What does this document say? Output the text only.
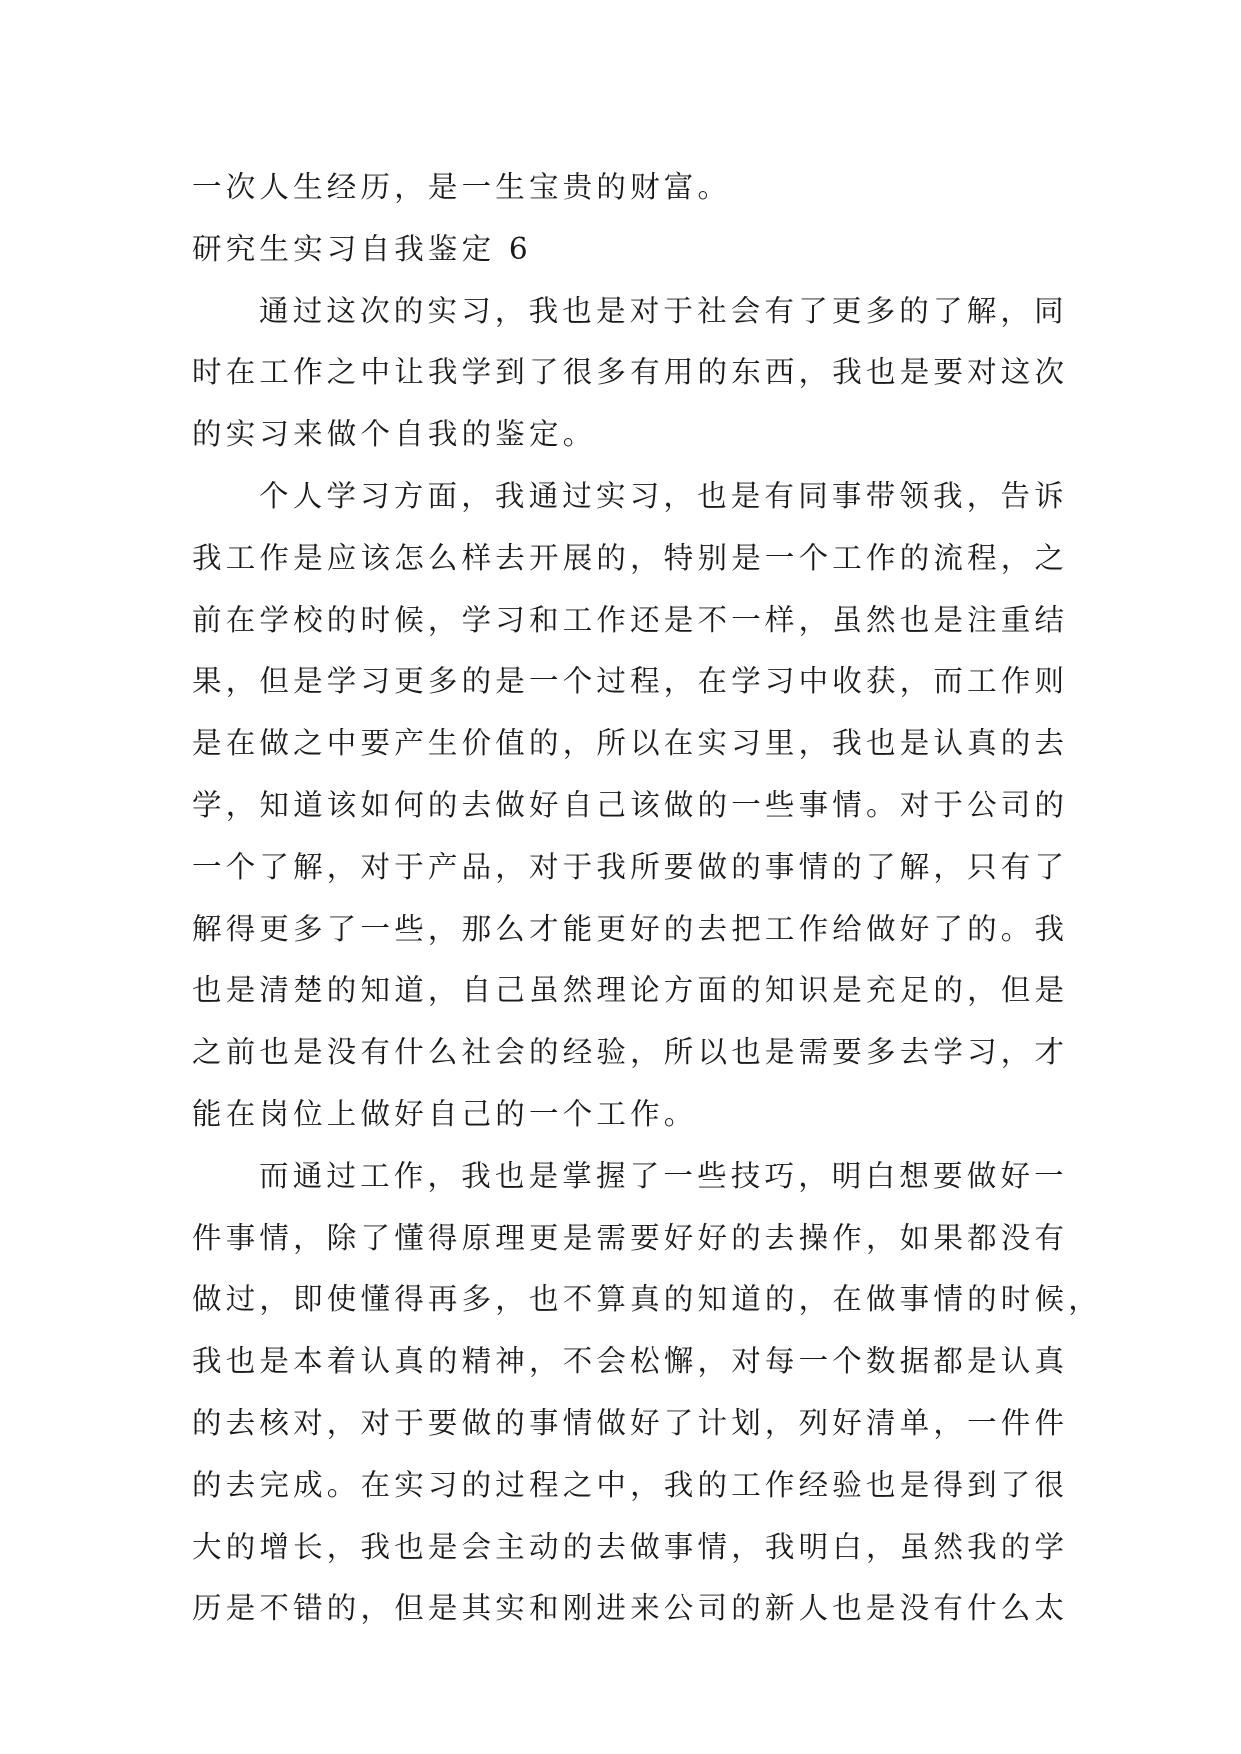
一次人生经历，是一生宝贵的财富。
研究生实习自我鉴定 6
通过这次的实习，我也是对于社会有了更多的了解，同
时在工作之中让我学到了很多有用的东西，我也是要对这次
的实习来做个自我的鉴定。
个人学习方面，我通过实习，也是有同事带领我，告诉
我工作是应该怎么样去开展的，特别是一个工作的流程，之
前在学校的时候，学习和工作还是不一样，虽然也是注重结
果，但是学习更多的是一个过程，在学习中收获，而工作则
是在做之中要产生价值的，所以在实习里，我也是认真的去
学，知道该如何的去做好自己该做的一些事情。对于公司的
一个了解，对于产品，对于我所要做的事情的了解，只有了
解得更多了一些，那么才能更好的去把工作给做好了的。我
也是清楚的知道，自己虽然理论方面的知识是充足的，但是
之前也是没有什么社会的经验，所以也是需要多去学习，才
能在岗位上做好自己的一个工作。
而通过工作，我也是掌握了一些技巧，明白想要做好一
件事情，除了懂得原理更是需要好好的去操作，如果都没有
做过，即使懂得再多，也不算真的知道的，在做事情的时候，
我也是本着认真的精神，不会松懈，对每一个数据都是认真
的去核对，对于要做的事情做好了计划，列好清单，一件件
的去完成。在实习的过程之中，我的工作经验也是得到了很
大的增长，我也是会主动的去做事情，我明白，虽然我的学
历是不错的，但是其实和刚进来公司的新人也是没有什么太
